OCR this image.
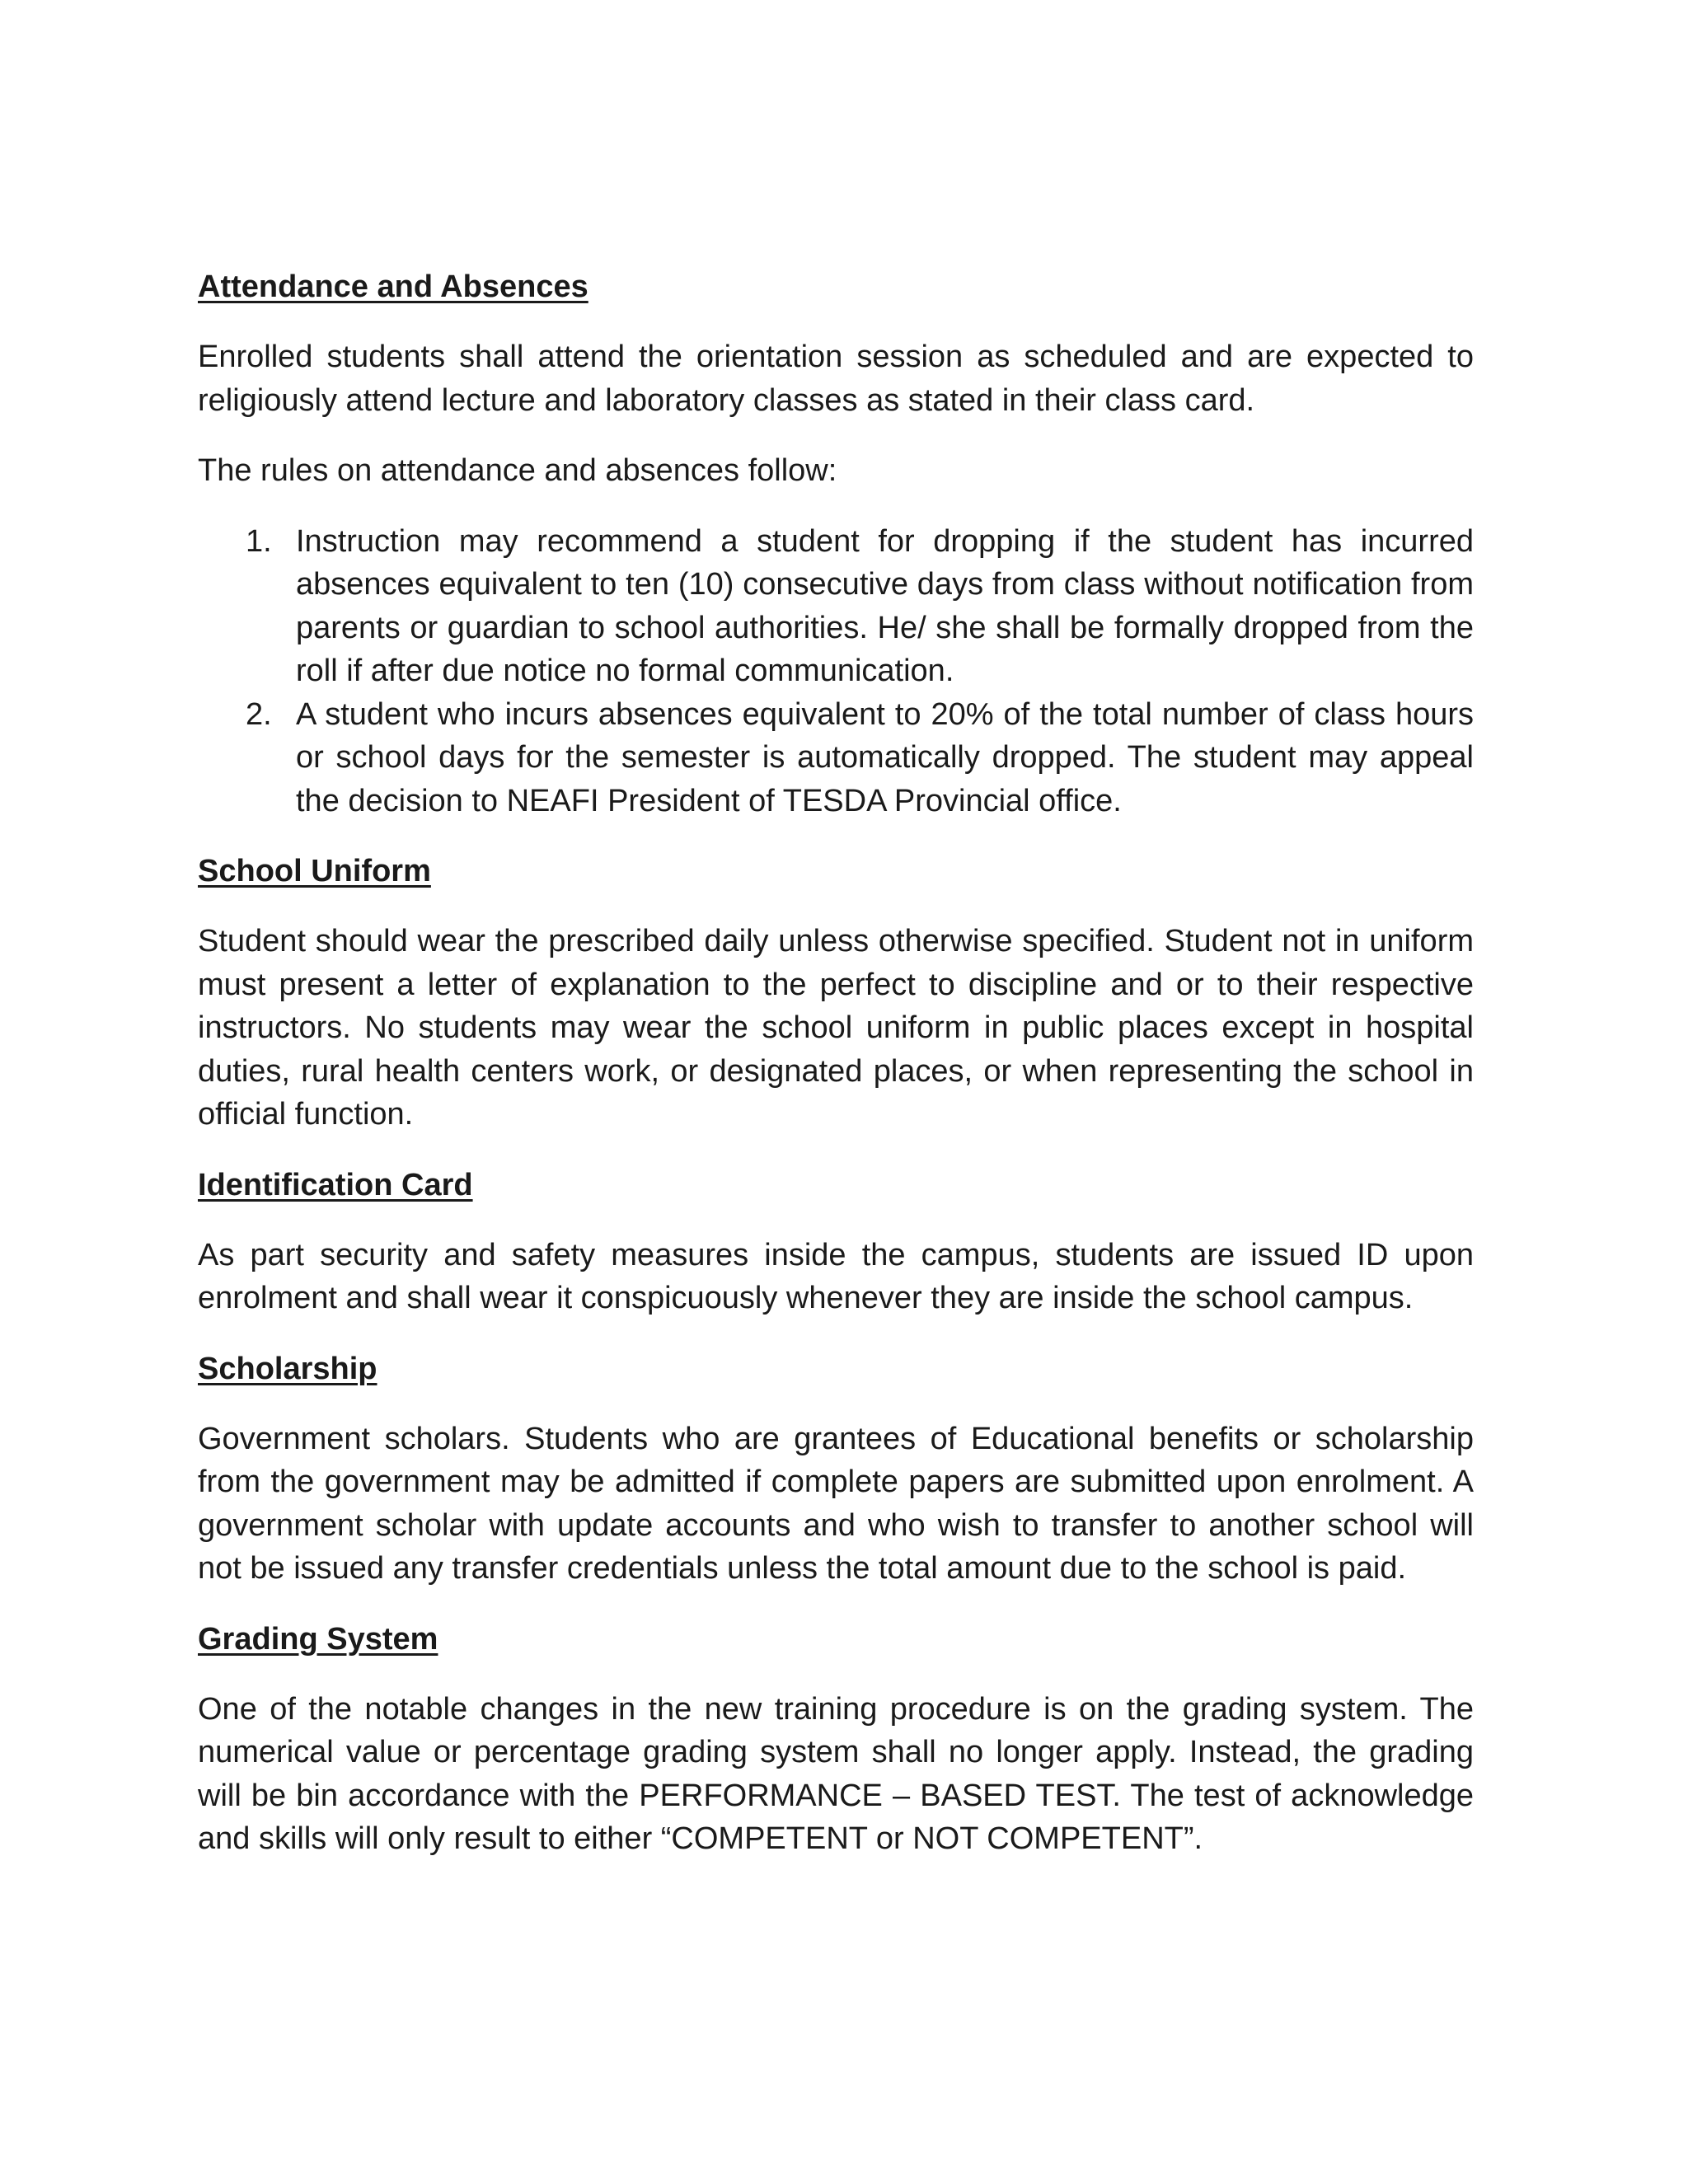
Attendance and Absences

Enrolled students shall attend the orientation session as scheduled and are expected to religiously attend lecture and laboratory classes as stated in their class card.

The rules on attendance and absences follow:

1. Instruction may recommend a student for dropping if the student has incurred absences equivalent to ten (10) consecutive days from class without notification from parents or guardian to school authorities. He/ she shall be formally dropped from the roll if after due notice no formal communication.
2. A student who incurs absences equivalent to 20% of the total number of class hours or school days for the semester is automatically dropped. The student may appeal the decision to NEAFI President of TESDA Provincial office.
School Uniform

Student should wear the prescribed daily unless otherwise specified. Student not in uniform must present a letter of explanation to the perfect to discipline and or to their respective instructors. No students may wear the school uniform in public places except in hospital duties, rural health centers work, or designated places, or when representing the school in official function.

Identification Card

As part security and safety measures inside the campus, students are issued ID upon enrolment and shall wear it conspicuously whenever they are inside the school campus.

Scholarship

Government scholars. Students who are grantees of Educational benefits or scholarship from the government may be admitted if complete papers are submitted upon enrolment. A government scholar with update accounts and who wish to transfer to another school will not be issued any transfer credentials unless the total amount due to the school is paid.

Grading System

One of the notable changes in the new training procedure is on the grading system. The numerical value or percentage grading system shall no longer apply. Instead, the grading will be bin accordance with the PERFORMANCE – BASED TEST. The test of acknowledge and skills will only result to either “COMPETENT or NOT COMPETENT”.
